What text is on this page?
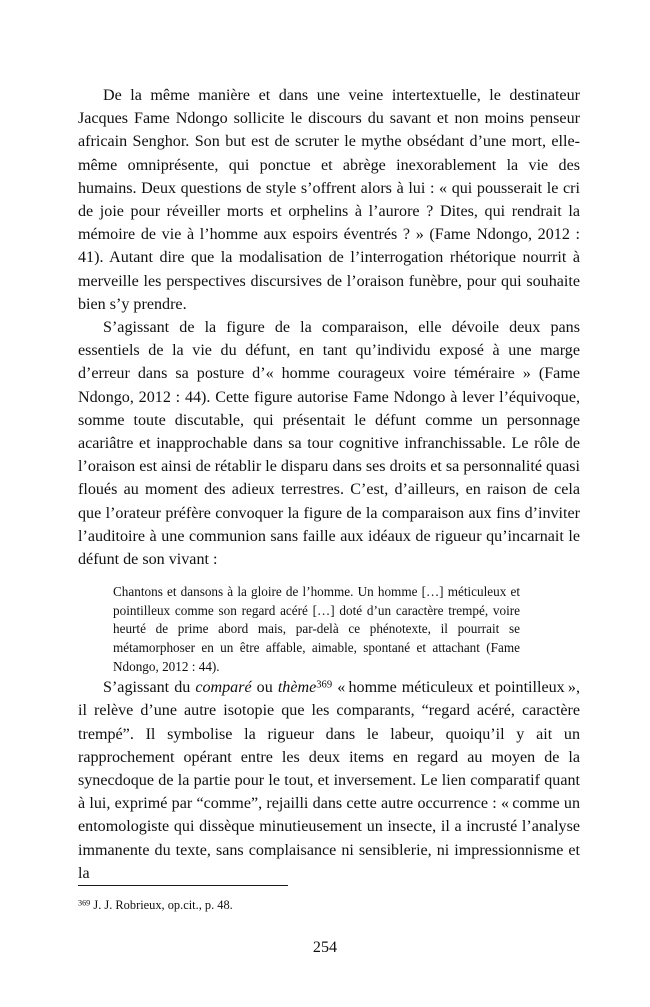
De la même manière et dans une veine intertextuelle, le destinateur Jacques Fame Ndongo sollicite le discours du savant et non moins penseur africain Senghor. Son but est de scruter le mythe obsédant d’une mort, elle-même omniprésente, qui ponctue et abrège inexorablement la vie des humains. Deux questions de style s’offrent alors à lui : « qui pousserait le cri de joie pour réveiller morts et orphelins à l’aurore ? Dites, qui rendrait la mémoire de vie à l’homme aux espoirs éventrés ? » (Fame Ndongo, 2012 : 41). Autant dire que la modalisation de l’interrogation rhétorique nourrit à merveille les perspectives discursives de l’oraison funèbre, pour qui souhaite bien s’y prendre.

S’agissant de la figure de la comparaison, elle dévoile deux pans essentiels de la vie du défunt, en tant qu’individu exposé à une marge d’erreur dans sa posture d’« homme courageux voire téméraire » (Fame Ndongo, 2012 : 44). Cette figure autorise Fame Ndongo à lever l’équivoque, somme toute discutable, qui présentait le défunt comme un personnage acariâtre et inapprochable dans sa tour cognitive infranchissable. Le rôle de l’oraison est ainsi de rétablir le disparu dans ses droits et sa personnalité quasi floués au moment des adieux terrestres. C’est, d’ailleurs, en raison de cela que l’orateur préfère convoquer la figure de la comparaison aux fins d’inviter l’auditoire à une communion sans faille aux idéaux de rigueur qu’incarnait le défunt de son vivant :

Chantons et dansons à la gloire de l’homme. Un homme […] méticuleux et pointilleux comme son regard acéré […] doté d’un caractère trempé, voire heurté de prime abord mais, par-delà ce phénotexte, il pourrait se métamorphoser en un être affable, aimable, spontané et attachant (Fame Ndongo, 2012 : 44).

S’agissant du comparé ou thème$^{369}$ « homme méticuleux et pointilleux », il relève d’une autre isotopie que les comparants, “regard acéré, caractère trempé”. Il symbolise la rigueur dans le labeur, quoiqu’il y ait un rapprochement opérant entre les deux items en regard au moyen de la synecdoque de la partie pour le tout, et inversement. Le lien comparatif quant à lui, exprimé par “comme”, rejailli dans cette autre occurrence : « comme un entomologiste qui dissèque minutieusement un insecte, il a incrusté l’analyse immanente du texte, sans complaisance ni sensiblerie, ni impressionnisme et la

$^{369}$ J. J. Robrieux, op.cit., p. 48.
254
